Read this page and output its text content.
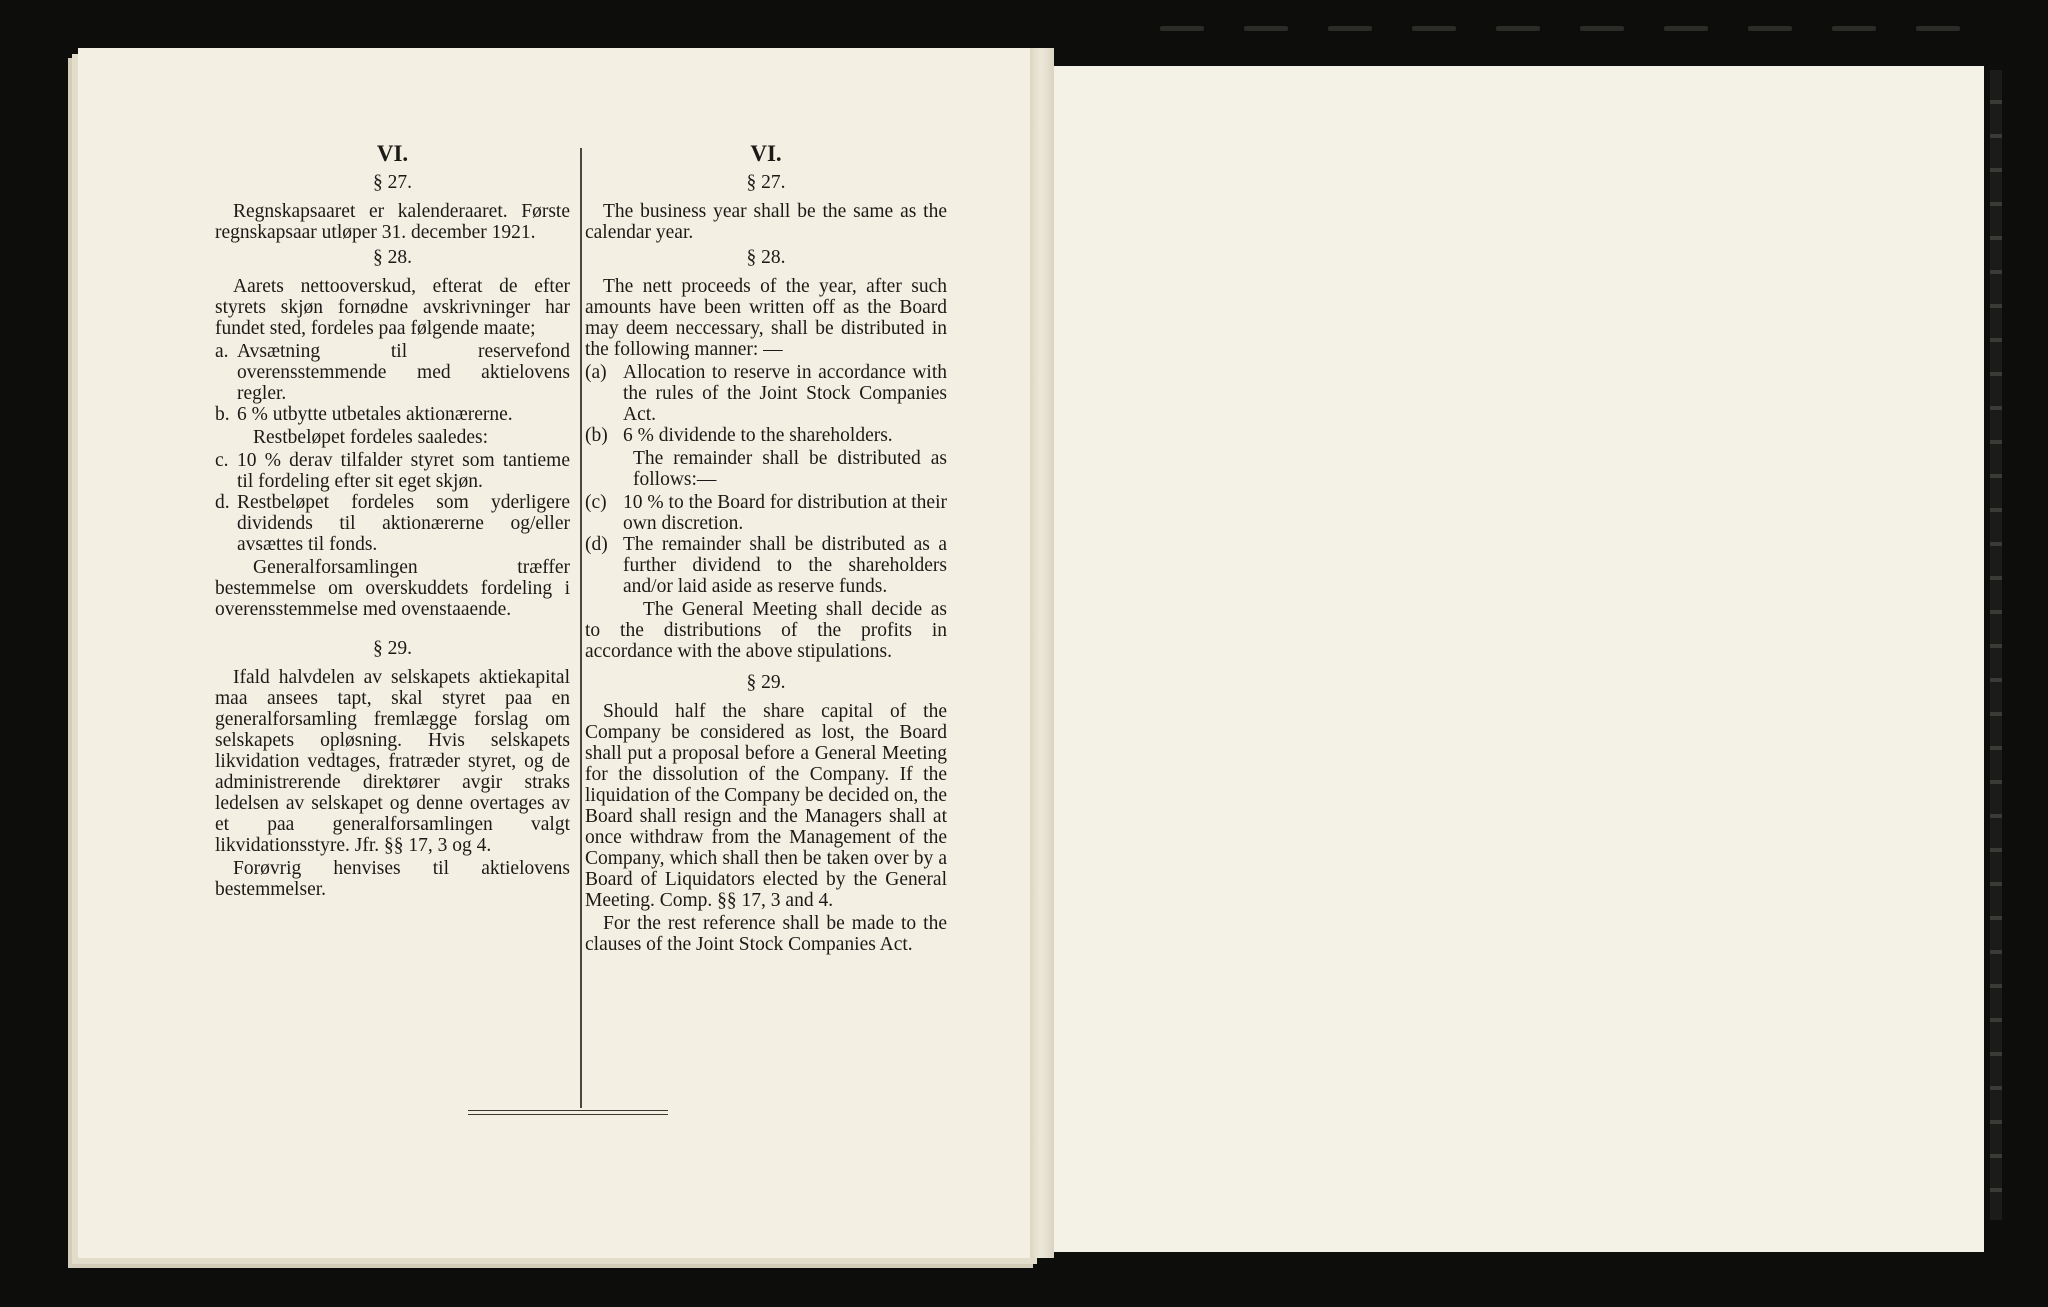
VI.
§ 27.

Regnskapsaaret er kalenderaaret. Første regnskapsaar utløper 31. december 1921.

§ 28.

Aarets nettooverskud, efterat de efter styrets skjøn fornødne avskrivninger har fundet sted, fordeles paa følgende maate;

a. Avsætning til reservefond overensstemmende med aktielovens regler.
b. 6 % utbytte utbetales aktionærerne.

Restbeløpet fordeles saaledes:

c. 10 % derav tilfalder styret som tantieme til fordeling efter sit eget skjøn.
d. Restbeløpet fordeles som yderligere dividends til aktionærerne og/eller avsættes til fonds.

Generalforsamlingen træffer bestemmelse om overskuddets fordeling i overensstemmelse med ovenstaaende.

§ 29.

Ifald halvdelen av selskapets aktiekapital maa ansees tapt, skal styret paa en generalforsamling fremlægge forslag om selskapets opløsning. Hvis selskapets likvidation vedtages, fratræder styret, og de administrerende direktører avgir straks ledelsen av selskapet og denne overtages av et paa generalforsamlingen valgt likvidationsstyre. Jfr. §§ 17, 3 og 4.

Forøvrig henvises til aktielovens bestemmelser.

VI.
§ 27.

The business year shall be the same as the calendar year.

§ 28.

The nett proceeds of the year, after such amounts have been written off as the Board may deem neccessary, shall be distributed in the following manner: —

(a) Allocation to reserve in accordance with the rules of the Joint Stock Companies Act.
(b) 6 % dividende to the shareholders.

The remainder shall be distributed as follows:—

(c) 10 % to the Board for distribution at their own discretion.
(d) The remainder shall be distributed as a further dividend to the shareholders and/or laid aside as reserve funds.

The General Meeting shall decide as to the distributions of the profits in accordance with the above stipulations.

§ 29.

Should half the share capital of the Company be considered as lost, the Board shall put a proposal before a General Meeting for the dissolution of the Company. If the liquidation of the Company be decided on, the Board shall resign and the Managers shall at once withdraw from the Management of the Company, which shall then be taken over by a Board of Liquidators elected by the General Meeting. Comp. §§ 17, 3 and 4.

For the rest reference shall be made to the clauses of the Joint Stock Companies Act.
